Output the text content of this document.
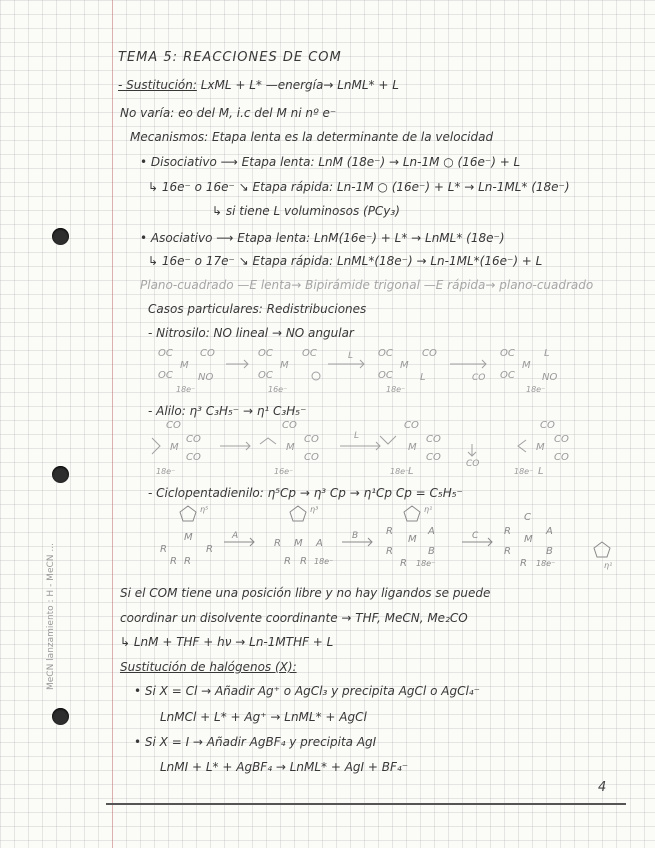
MeCN lanzamiento : H - MeCN ...
TEMA 5: REACCIONES DE COM
- Sustitución: LxML + L* —energía→ LnML* + L
No varía: eo del M, i.c del M ni nº e⁻
Mecanismos: Etapa lenta es la determinante de la velocidad
• Disociativo ⟶ Etapa lenta: LnM (18e⁻) → Ln-1M ○ (16e⁻) + L
↳ 16e⁻ o 16e⁻ ↘ Etapa rápida: Ln-1M ○ (16e⁻) + L* → Ln-1ML* (18e⁻)
↳ si tiene L voluminosos (PCy₃)
• Asociativo ⟶ Etapa lenta: LnM(16e⁻) + L* → LnML* (18e⁻)
↳ 16e⁻ o 17e⁻ ↘ Etapa rápida: LnML*(18e⁻) → Ln-1ML*(16e⁻) + L
Plano-cuadrado —E lenta→ Bipirámide trigonal —E rápida→ plano-cuadrado
Casos particulares: Redistribuciones
- Nitrosilo: NO lineal → NO angular
OC
M
CO
OC	NO
18e⁻
OC
M
OC
OC
16e⁻
L OC
M
CO
OC	L
18e⁻
CO
OC
M
L
OC	NO
18e⁻
- Alilo: η³ C₃H₅⁻ → η¹ C₃H₅⁻
CO
M
CO
CO
18e⁻
CO
M
CO
CO
16e⁻
L
CO
M
CO
CO
L
18e⁻
CO
CO
M
CO
CO
L
18e⁻
- Ciclopentadienilo: η⁵Cp → η³ Cp → η¹Cp Cp = C₅H₅⁻
η⁵	η³	η¹
η¹
M
R	R
R R
A
M
R	A
R R 18e⁻
B	M
R	A
R	B
R 18e⁻
C
C
M
R	A
R	B
R 18e⁻
Si el COM tiene una posición libre y no hay ligandos se puede
coordinar un disolvente coordinante → THF, MeCN, Me₂CO
↳ LnM + THF + hν → Ln-1MTHF + L
Sustitución de halógenos (X):
• Si X = Cl → Añadir Ag⁺ o AgCl₃ y precipita AgCl o AgCl₄⁻
LnMCl + L* + Ag⁺ → LnML* + AgCl
• Si X = I → Añadir AgBF₄ y precipita AgI
LnMI + L* + AgBF₄ → LnML* + AgI + BF₄⁻
4
